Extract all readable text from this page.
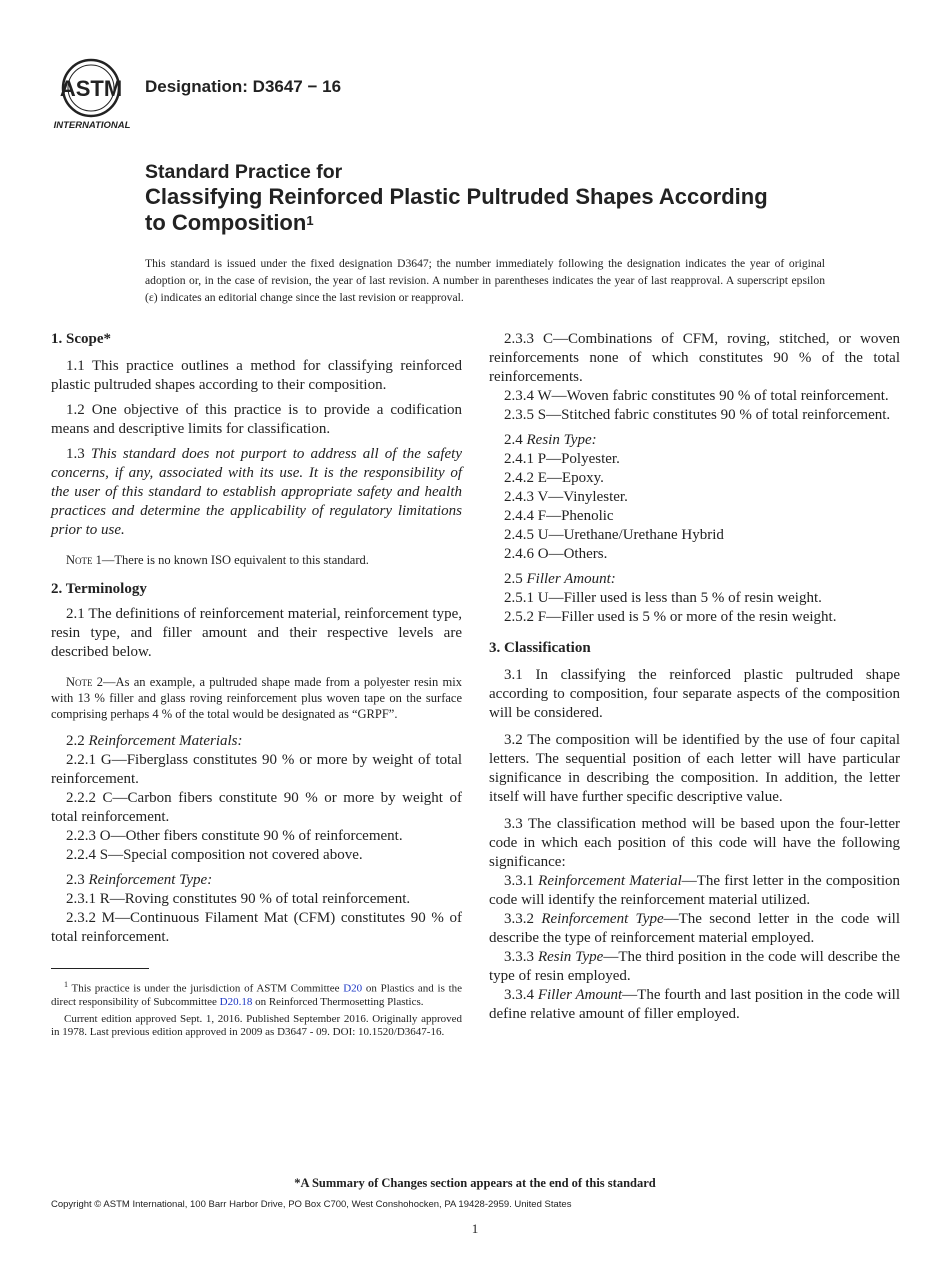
ASTM
INTERNATIONAL
Designation: D3647 − 16
Standard Practice for
Classifying Reinforced Plastic Pultruded Shapes According
to Composition$^1$
This standard is issued under the fixed designation D3647; the number immediately following the designation indicates the year of original adoption or, in the case of revision, the year of last revision. A number in parentheses indicates the year of last reapproval. A superscript epsilon (ε) indicates an editorial change since the last revision or reapproval.

1. Scope*

1.1 This practice outlines a method for classifying reinforced plastic pultruded shapes according to their composition.

1.2 One objective of this practice is to provide a codification means and descriptive limits for classification.

1.3 This standard does not purport to address all of the safety concerns, if any, associated with its use. It is the responsibility of the user of this standard to establish appropriate safety and health practices and determine the applicability of regulatory limitations prior to use.

Note 1—There is no known ISO equivalent to this standard.

2. Terminology

2.1 The definitions of reinforcement material, reinforcement type, resin type, and filler amount and their respective levels are described below.

Note 2—As an example, a pultruded shape made from a polyester resin mix with 13 % filler and glass roving reinforcement plus woven tape on the surface comprising perhaps 4 % of the total would be designated as “GRPF”.

2.2 Reinforcement Materials:

2.2.1 G—Fiberglass constitutes 90 % or more by weight of total reinforcement.

2.2.2 C—Carbon fibers constitute 90 % or more by weight of total reinforcement.

2.2.3 O—Other fibers constitute 90 % of reinforcement.

2.2.4 S—Special composition not covered above.

2.3 Reinforcement Type:

2.3.1 R—Roving constitutes 90 % of total reinforcement.

2.3.2 M—Continuous Filament Mat (CFM) constitutes 90 % of total reinforcement.

$^1$ This practice is under the jurisdiction of ASTM Committee D20 on Plastics and is the direct responsibility of Subcommittee D20.18 on Reinforced Thermosetting Plastics.

Current edition approved Sept. 1, 2016. Published September 2016. Originally approved in 1978. Last previous edition approved in 2009 as D3647 - 09. DOI: 10.1520/D3647-16.

2.3.3 C—Combinations of CFM, roving, stitched, or woven reinforcements none of which constitutes 90 % of the total reinforcements.

2.3.4 W—Woven fabric constitutes 90 % of total reinforcement.

2.3.5 S—Stitched fabric constitutes 90 % of total reinforcement.

2.4 Resin Type:

2.4.1 P—Polyester.

2.4.2 E—Epoxy.

2.4.3 V—Vinylester.

2.4.4 F—Phenolic

2.4.5 U—Urethane/Urethane Hybrid

2.4.6 O—Others.

2.5 Filler Amount:

2.5.1 U—Filler used is less than 5 % of resin weight.

2.5.2 F—Filler used is 5 % or more of the resin weight.

3. Classification

3.1 In classifying the reinforced plastic pultruded shape according to composition, four separate aspects of the composition will be considered.

3.2 The composition will be identified by the use of four capital letters. The sequential position of each letter will have particular significance in describing the composition. In addition, the letter itself will have further specific descriptive value.

3.3 The classification method will be based upon the four-letter code in which each position of this code will have the following significance:

3.3.1 Reinforcement Material—The first letter in the composition code will identify the reinforcement material utilized.

3.3.2 Reinforcement Type—The second letter in the code will describe the type of reinforcement material employed.

3.3.3 Resin Type—The third position in the code will describe the type of resin employed.

3.3.4 Filler Amount—The fourth and last position in the code will define relative amount of filler employed.

*A Summary of Changes section appears at the end of this standard
Copyright © ASTM International, 100 Barr Harbor Drive, PO Box C700, West Conshohocken, PA 19428-2959. United States
1
